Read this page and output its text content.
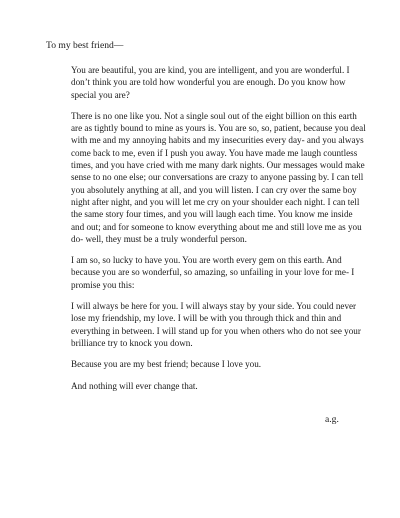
To my best friend—

You are beautiful, you are kind, you are intelligent, and you are wonderful. I don’t think you are told how wonderful you are enough. Do you know how special you are?

There is no one like you. Not a single soul out of the eight billion on this earth are as tightly bound to mine as yours is. You are so, so, patient, because you deal with me and my annoying habits and my insecurities every day- and you always come back to me, even if I push you away. You have made me laugh countless times, and you have cried with me many dark nights. Our messages would make sense to no one else; our conversations are crazy to anyone passing by. I can tell you absolutely anything at all, and you will listen. I can cry over the same boy night after night, and you will let me cry on your shoulder each night. I can tell the same story four times, and you will laugh each time. You know me inside and out; and for someone to know everything about me and still love me as you do- well, they must be a truly wonderful person.

I am so, so lucky to have you. You are worth every gem on this earth. And because you are so wonderful, so amazing, so unfailing in your love for me- I promise you this:

I will always be here for you. I will always stay by your side. You could never lose my friendship, my love. I will be with you through thick and thin and everything in between. I will stand up for you when others who do not see your brilliance try to knock you down.

Because you are my best friend; because I love you.

And nothing will ever change that.

a.g.
